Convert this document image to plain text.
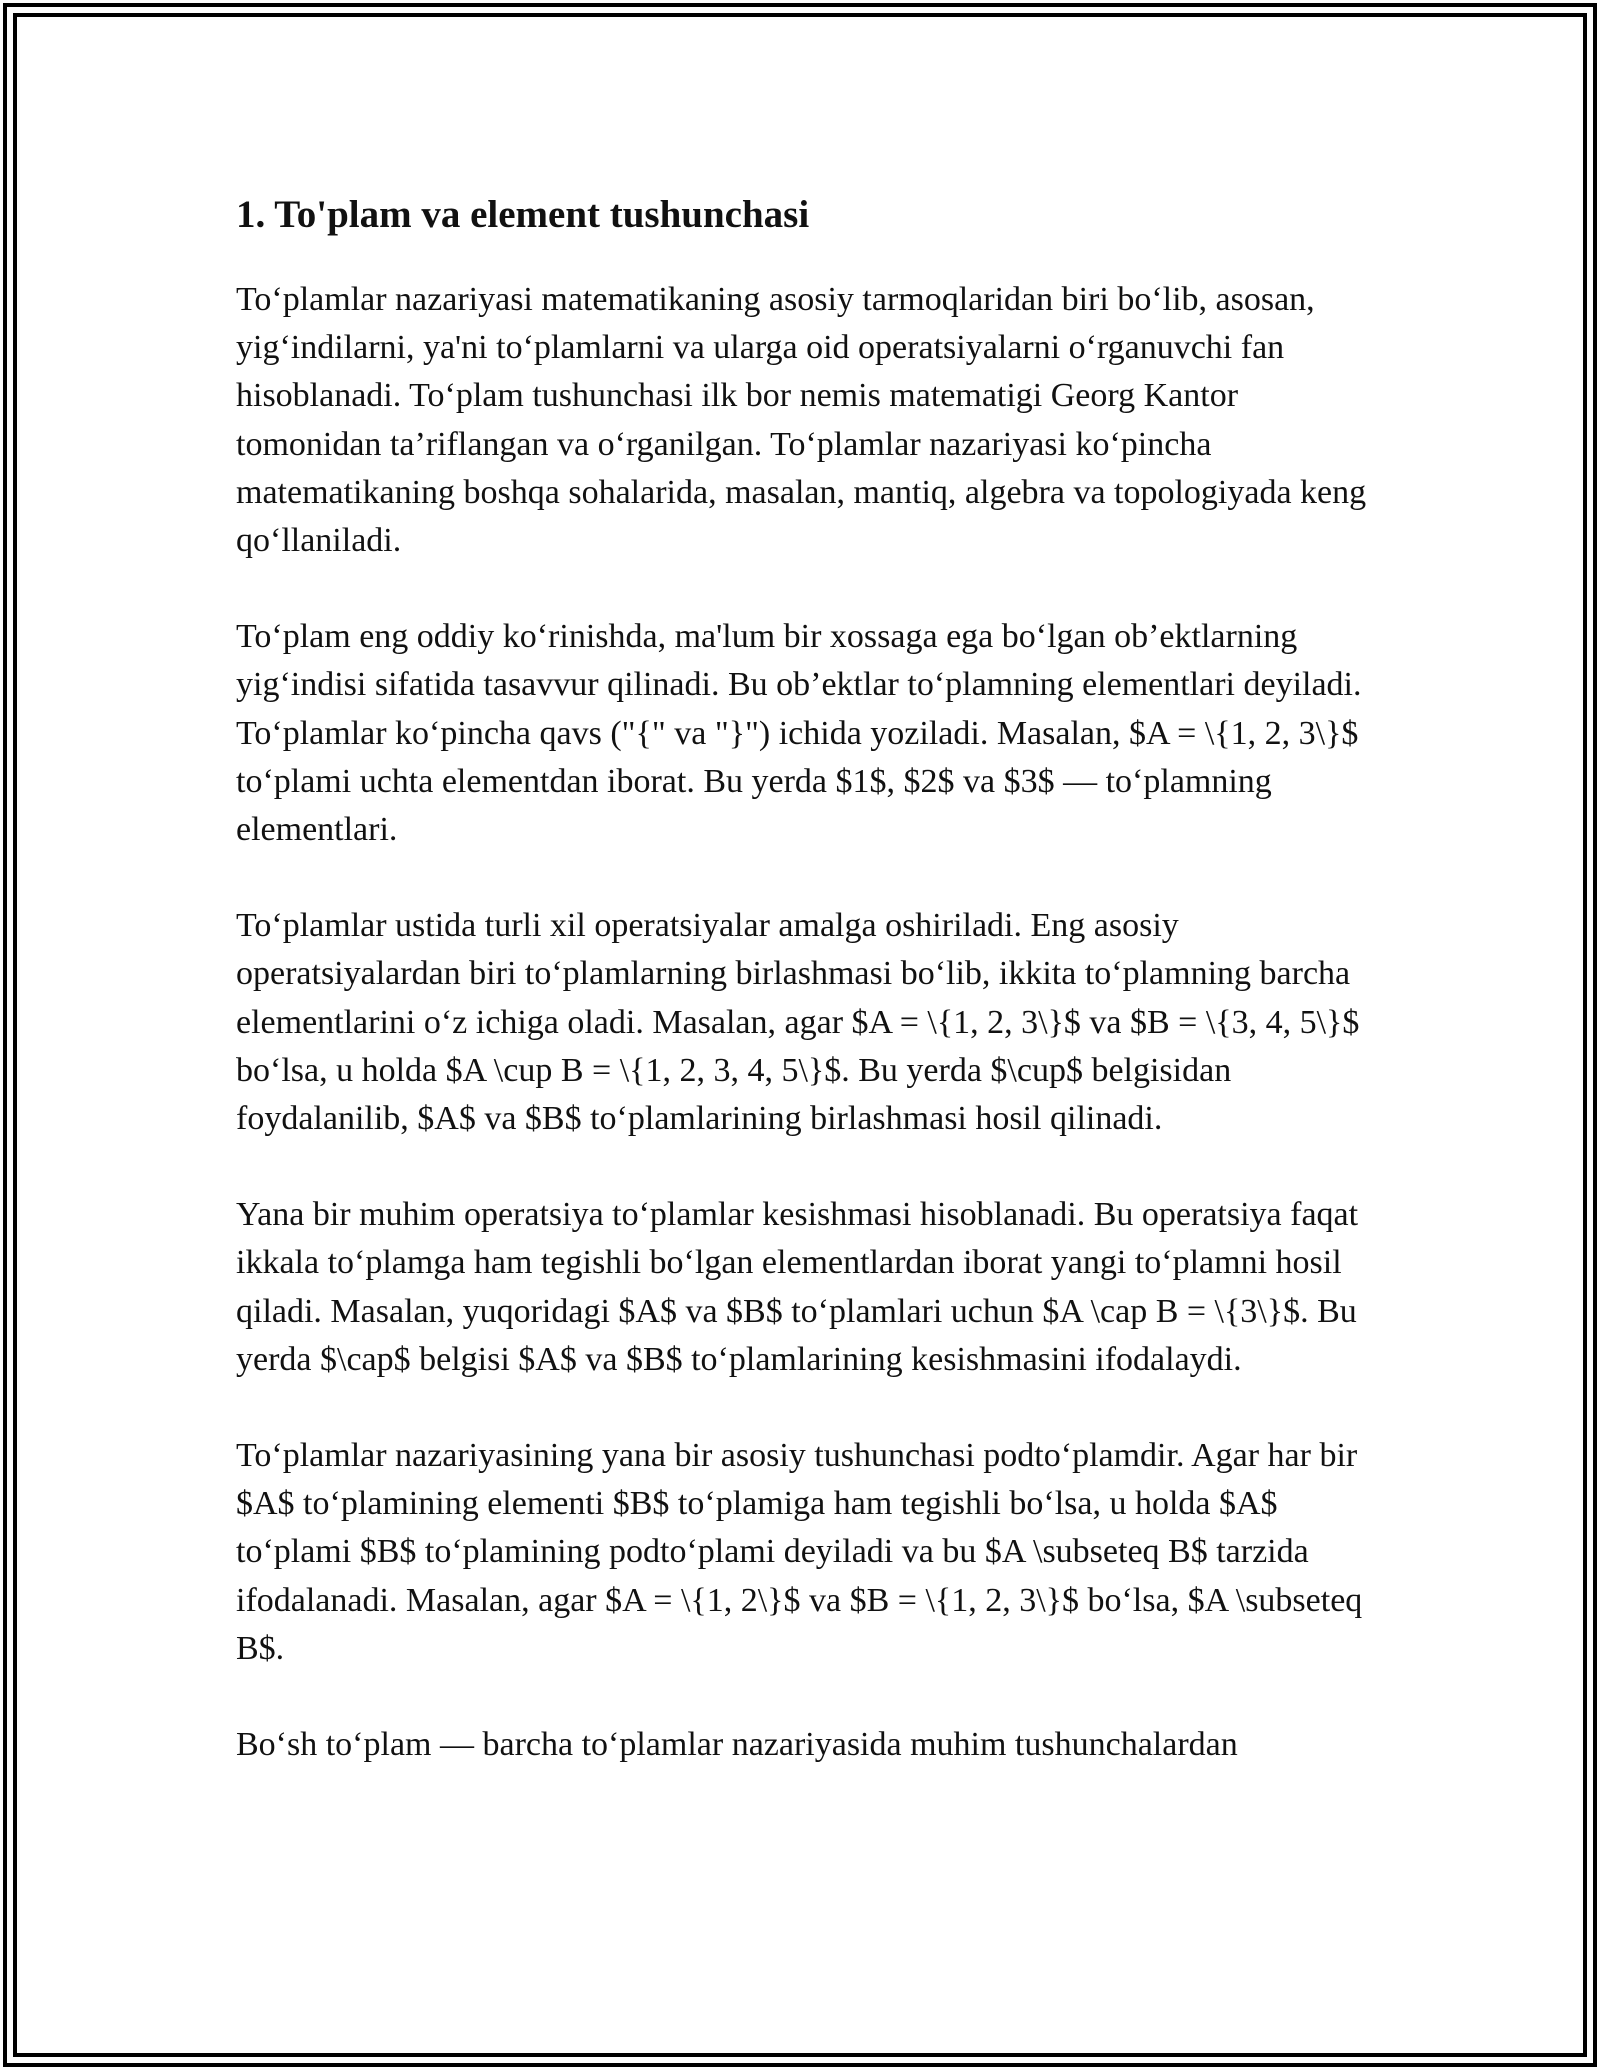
1. To'plam va element tushunchasi

To‘plamlar nazariyasi matematikaning asosiy tarmoqlaridan biri bo‘lib, asosan, yig‘indilarni, ya'ni to‘plamlarni va ularga oid operatsiyalarni o‘rganuvchi fan hisoblanadi. To‘plam tushunchasi ilk bor nemis matematigi Georg Kantor tomonidan ta’riflangan va o‘rganilgan. To‘plamlar nazariyasi ko‘pincha matematikaning boshqa sohalarida, masalan, mantiq, algebra va topologiyada keng qo‘llaniladi.

To‘plam eng oddiy ko‘rinishda, ma'lum bir xossaga ega bo‘lgan ob’ektlarning yig‘indisi sifatida tasavvur qilinadi. Bu ob’ektlar to‘plamning elementlari deyiladi. To‘plamlar ko‘pincha qavs ("{" va "}") ichida yoziladi. Masalan, $A = \{1, 2, 3\}$ to‘plami uchta elementdan iborat. Bu yerda $1$, $2$ va $3$ — to‘plamning elementlari.

To‘plamlar ustida turli xil operatsiyalar amalga oshiriladi. Eng asosiy operatsiyalardan biri to‘plamlarning birlashmasi bo‘lib, ikkita to‘plamning barcha elementlarini o‘z ichiga oladi. Masalan, agar $A = \{1, 2, 3\}$ va $B = \{3, 4, 5\}$ bo‘lsa, u holda $A \cup B = \{1, 2, 3, 4, 5\}$. Bu yerda $\cup$ belgisidan foydalanilib, $A$ va $B$ to‘plamlarining birlashmasi hosil qilinadi.

Yana bir muhim operatsiya to‘plamlar kesishmasi hisoblanadi. Bu operatsiya faqat ikkala to‘plamga ham tegishli bo‘lgan elementlardan iborat yangi to‘plamni hosil qiladi. Masalan, yuqoridagi $A$ va $B$ to‘plamlari uchun $A \cap B = \{3\}$. Bu yerda $\cap$ belgisi $A$ va $B$ to‘plamlarining kesishmasini ifodalaydi.

To‘plamlar nazariyasining yana bir asosiy tushunchasi podto‘plamdir. Agar har bir $A$ to‘plamining elementi $B$ to‘plamiga ham tegishli bo‘lsa, u holda $A$ to‘plami $B$ to‘plamining podto‘plami deyiladi va bu $A \subseteq B$ tarzida ifodalanadi. Masalan, agar $A = \{1, 2\}$ va $B = \{1, 2, 3\}$ bo‘lsa, $A \subseteq B$.

Bo‘sh to‘plam — barcha to‘plamlar nazariyasida muhim tushunchalardan
